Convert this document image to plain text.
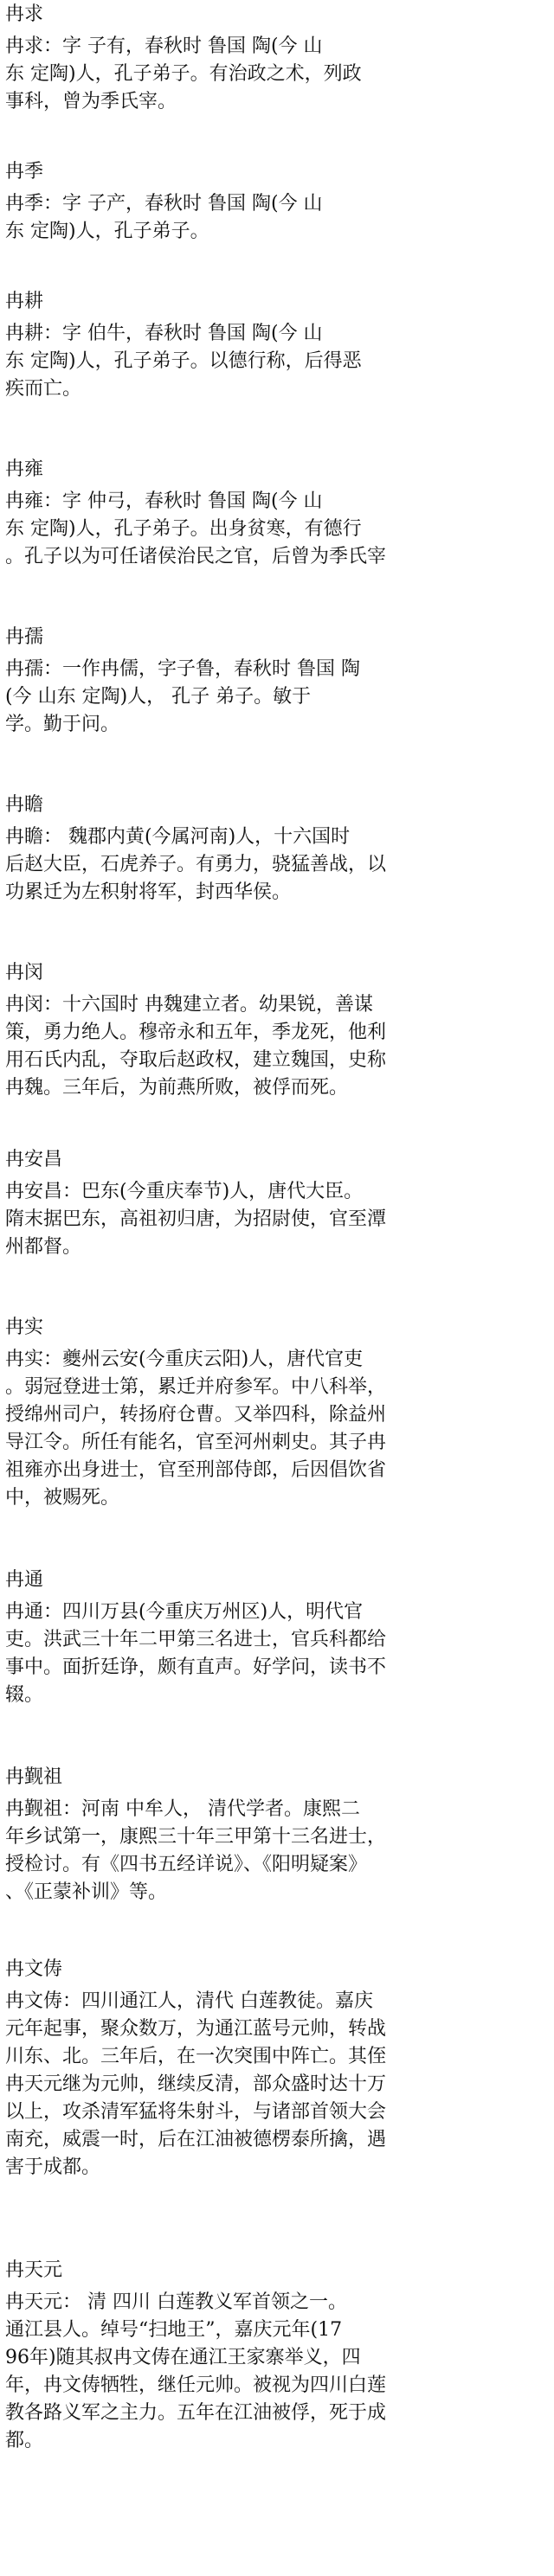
冉求
冉求：字 子有，春秋时 鲁国 陶(今 山
东 定陶)人，孔子弟子。有治政之术，列政
事科，曾为季氏宰。
冉季
冉季：字 子产，春秋时 鲁国 陶(今 山
东 定陶)人，孔子弟子。
冉耕
冉耕：字 伯牛，春秋时 鲁国 陶(今 山
东 定陶)人，孔子弟子。以德行称，后得恶
疾而亡。
冉雍
冉雍：字 仲弓，春秋时 鲁国 陶(今 山
东 定陶)人，孔子弟子。出身贫寒，有德行
。孔子以为可任诸侯治民之官，后曾为季氏宰
冉孺
冉孺：一作冉儒，字子鲁，春秋时 鲁国 陶
(今 山东 定陶)人， 孔子 弟子。敏于
学。勤于问。
冉瞻
冉瞻： 魏郡内黄(今属河南)人，十六国时
后赵大臣，石虎养子。有勇力，骁猛善战，以
功累迁为左积射将军，封西华侯。
冉闵
冉闵：十六国时 冉魏建立者。幼果锐，善谋
策，勇力绝人。穆帝永和五年，季龙死，他利
用石氏内乱，夺取后赵政权，建立魏国，史称
冉魏。三年后，为前燕所败，被俘而死。
冉安昌
冉安昌：巴东(今重庆奉节)人，唐代大臣。
隋末据巴东，高祖初归唐，为招尉使，官至潭
州都督。
冉实
冉实：夔州云安(今重庆云阳)人，唐代官吏
。弱冠登进士第，累迁并府参军。中八科举，
授绵州司户，转扬府仓曹。又举四科，除益州
导江令。所任有能名，官至河州刺史。其子冉
祖雍亦出身进士，官至刑部侍郎，后因倡饮省
中，被赐死。
冉通
冉通：四川万县(今重庆万州区)人，明代官
吏。洪武三十年二甲第三名进士，官兵科都给
事中。面折廷诤，颇有直声。好学问，读书不
辍。
冉觐祖
冉觐祖：河南 中牟人， 清代学者。康熙二
年乡试第一，康熙三十年三甲第十三名进士，
授检讨。有《四书五经详说》、《阳明疑案》
、《正蒙补训》等。
冉文俦
冉文俦：四川通江人，清代 白莲教徒。嘉庆
元年起事，聚众数万，为通江蓝号元帅，转战
川东、北。三年后，在一次突围中阵亡。其侄
冉天元继为元帅，继续反清，部众盛时达十万
以上，攻杀清军猛将朱射斗，与诸部首领大会
南充，威震一时，后在江油被德楞泰所擒，遇
害于成都。
冉天元
冉天元： 清 四川 白莲教义军首领之一。
通江县人。绰号“扫地王”，嘉庆元年(17
96年)随其叔冉文俦在通江王家寨举义，四
年，冉文俦牺牲，继任元帅。被视为四川白莲
教各路义军之主力。五年在江油被俘，死于成
都。
